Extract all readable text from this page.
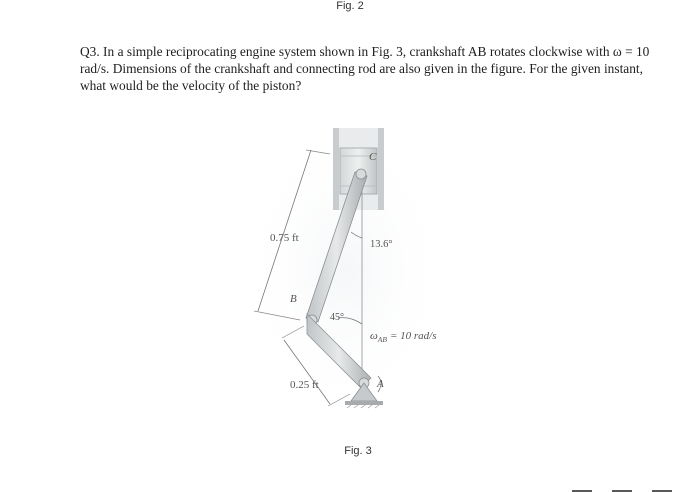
Fig. 2
Q3. In a simple reciprocating engine system shown in Fig. 3, crankshaft AB rotates clockwise with ω = 10 rad/s. Dimensions of the crankshaft and connecting rod are also given in the figure. For the given instant, what would be the velocity of the piston?
C
0.75 ft
13.6°
B
45°
$\omega_{AB} = 10$ rad/s
0.25 ft	A
Fig. 3
